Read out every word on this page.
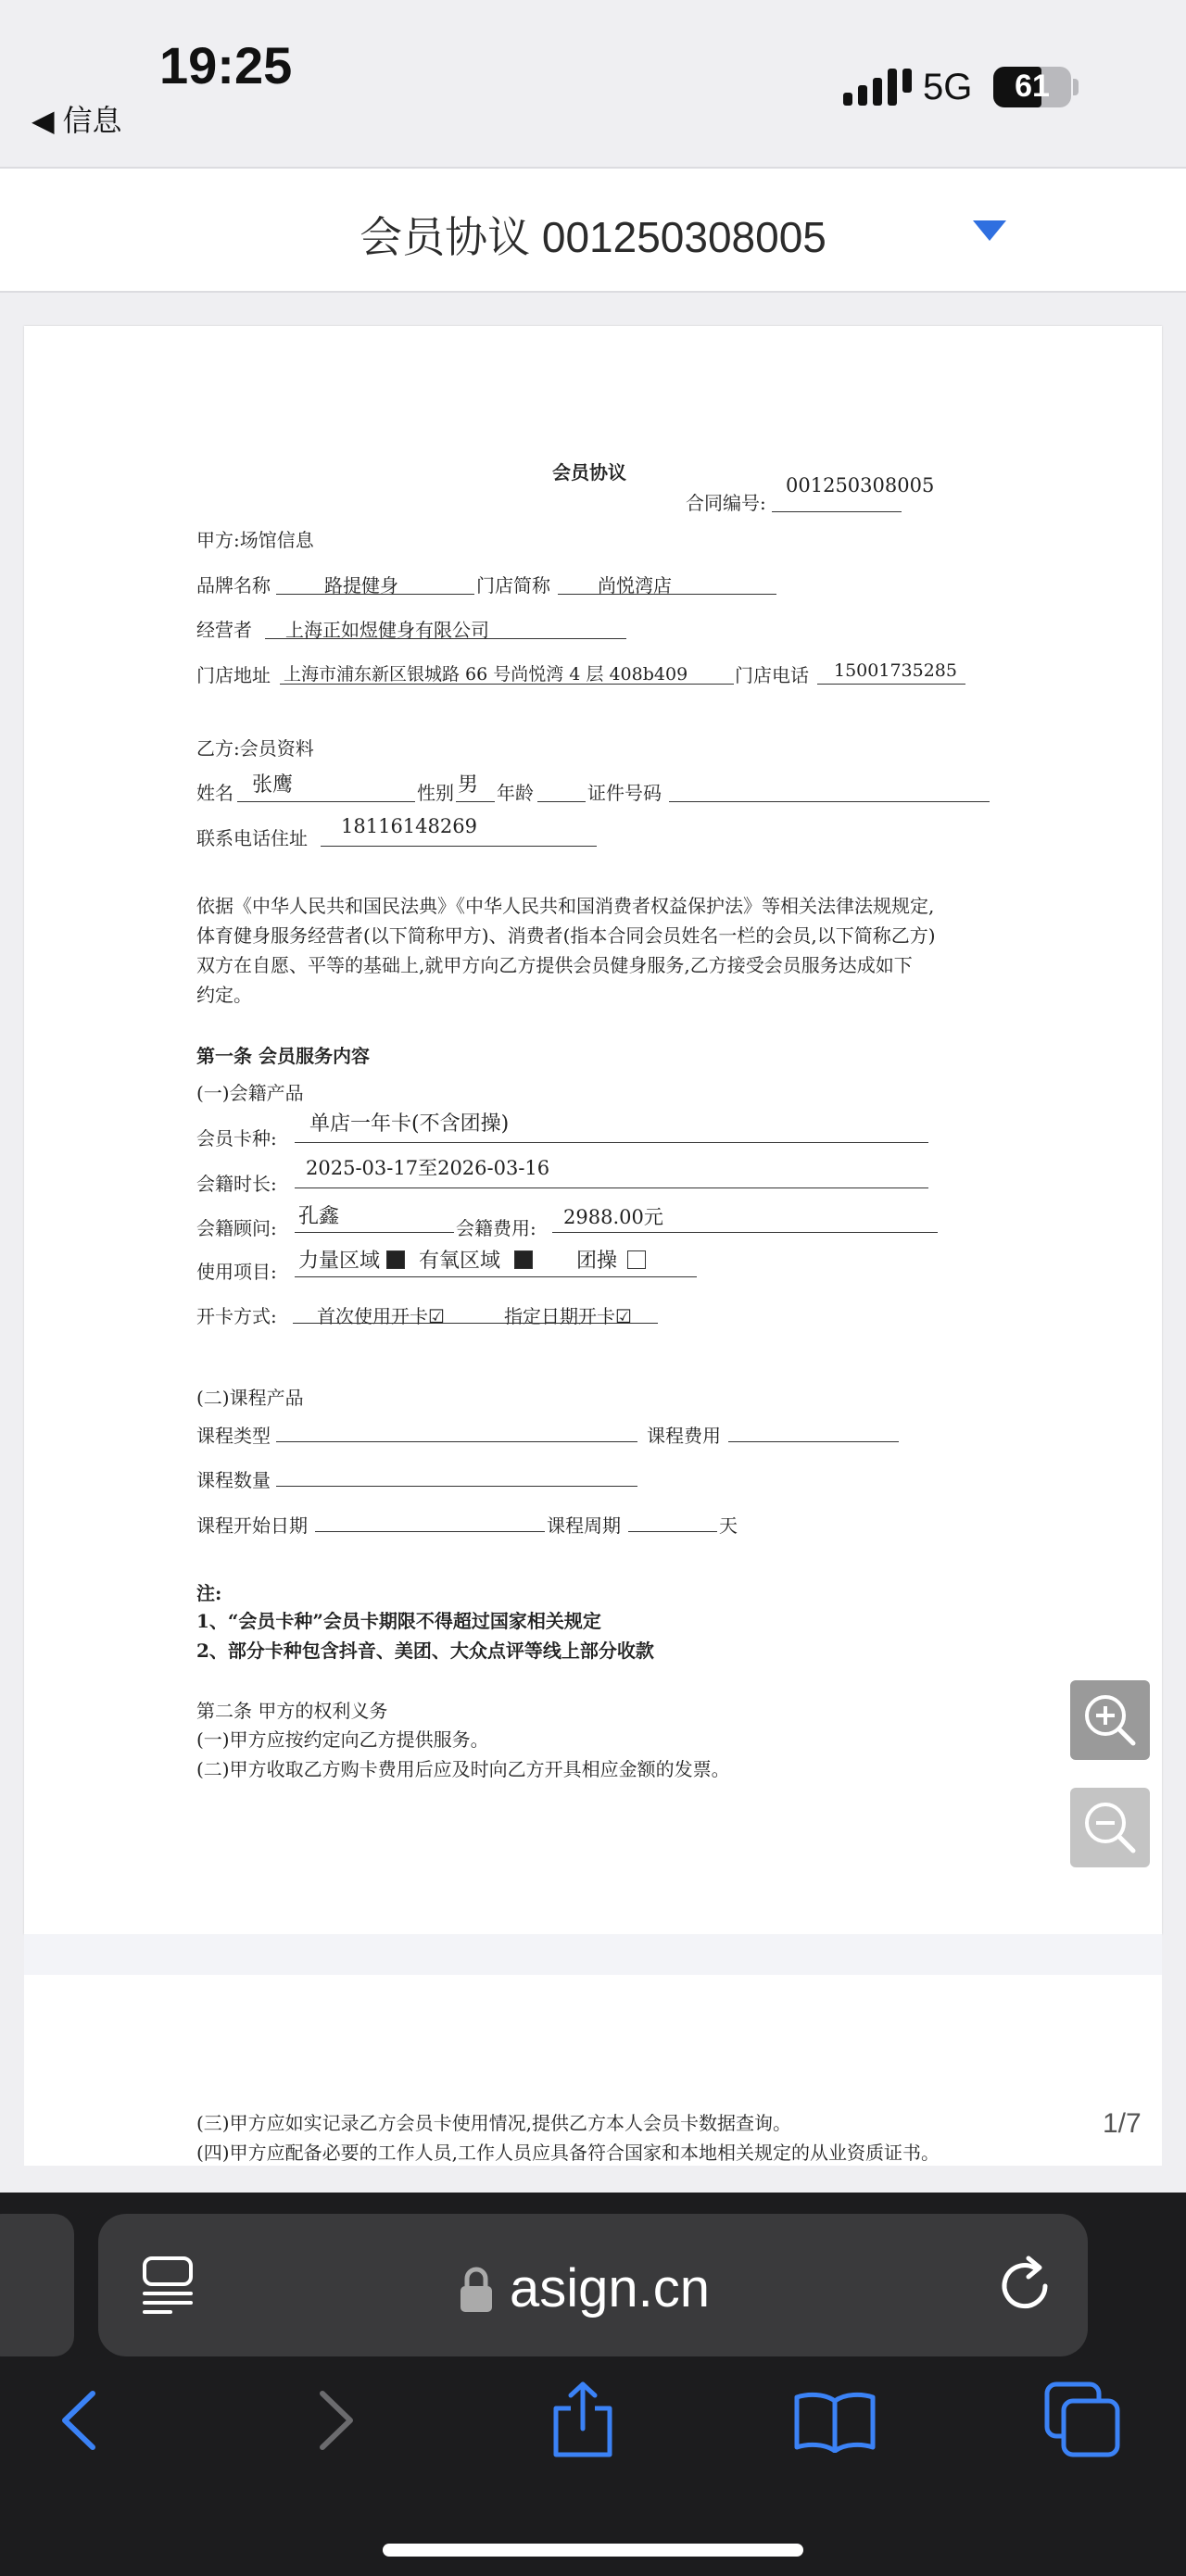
19:25
◀ 信息
5G	61
会员协议 001250308005
会员协议
合同编号:
001250308005
甲方:场馆信息
品牌名称	路提健身	门店简称	尚悦湾店
经营者 上海正如煜健身有限公司
门店地址 上海市浦东新区银城路 66 号尚悦湾 4 层 408b409	门店电话 15001735285
乙方:会员资料
姓名 张鹰	性别 男 年龄	证件号码
联系电话住址
18116148269
依据《中华人民共和国民法典》《中华人民共和国消费者权益保护法》等相关法律法规规定,
体育健身服务经营者(以下简称甲方)、消费者(指本合同会员姓名一栏的会员,以下简称乙方)
双方在自愿、平等的基础上,就甲方向乙方提供会员健身服务,乙方接受会员服务达成如下
约定。
第一条 会员服务内容
(一)会籍产品
会员卡种:
单店一年卡(不含团操)
会籍时长:
2025-03-17至2026-03-16
会籍顾问: 孔鑫	会籍费用: 2988.00元
使用项目: 力量区域 有氧区域	团操
开卡方式: 首次使用开卡☑	指定日期开卡☑
(二)课程产品
课程类型	课程费用
课程数量
课程开始日期	课程周期	天
注:
1、“会员卡种”会员卡期限不得超过国家相关规定
2、部分卡种包含抖音、美团、大众点评等线上部分收款
第二条 甲方的权利义务
(一)甲方应按约定向乙方提供服务。
(二)甲方收取乙方购卡费用后应及时向乙方开具相应金额的发票。
(三)甲方应如实记录乙方会员卡使用情况,提供乙方本人会员卡数据查询。
(四)甲方应配备必要的工作人员,工作人员应具备符合国家和本地相关规定的从业资质证书。
1/7
asign.cn
